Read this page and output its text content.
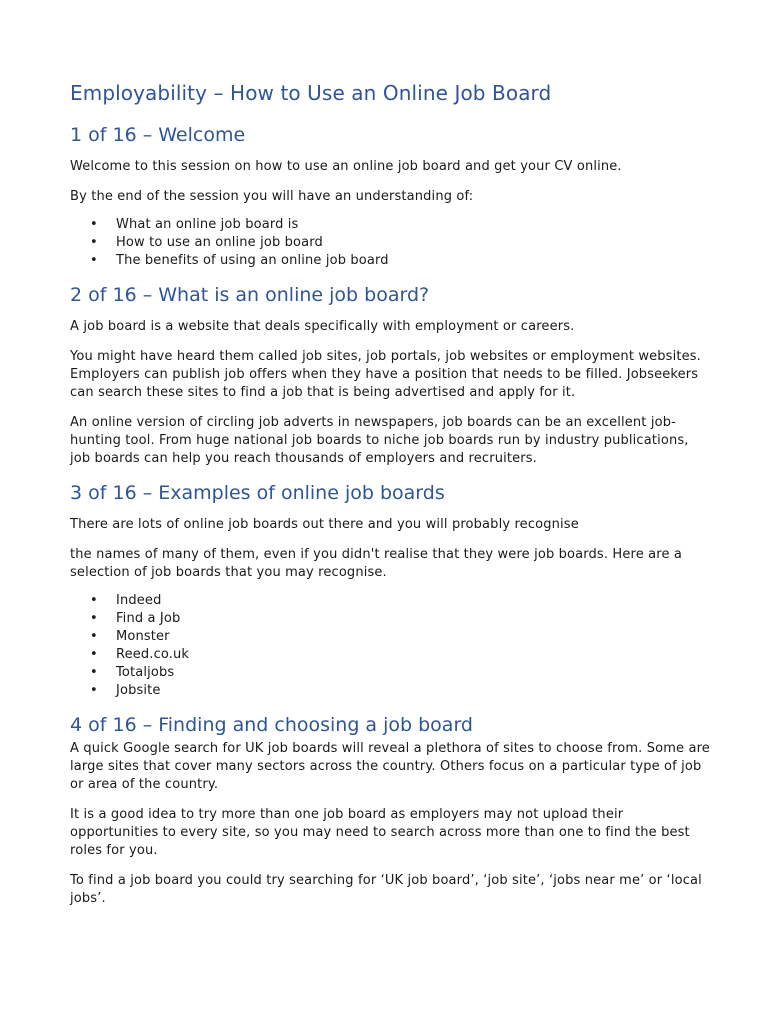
Employability – How to Use an Online Job Board
1 of 16 – Welcome

Welcome to this session on how to use an online job board and get your CV online.

By the end of the session you will have an understanding of:

• What an online job board is
• How to use an online job board
• The benefits of using an online job board
2 of 16 – What is an online job board?

A job board is a website that deals specifically with employment or careers.

You might have heard them called job sites, job portals, job websites or employment websites. Employers can publish job offers when they have a position that needs to be filled. Jobseekers can search these sites to find a job that is being advertised and apply for it.

An online version of circling job adverts in newspapers, job boards can be an excellent job-hunting tool. From huge national job boards to niche job boards run by industry publications, job boards can help you reach thousands of employers and recruiters.

3 of 16 – Examples of online job boards

There are lots of online job boards out there and you will probably recognise

the names of many of them, even if you didn't realise that they were job boards. Here are a selection of job boards that you may recognise.

• Indeed
• Find a Job
• Monster
• Reed.co.uk
• Totaljobs
• Jobsite
4 of 16 – Finding and choosing a job board

A quick Google search for UK job boards will reveal a plethora of sites to choose from. Some are large sites that cover many sectors across the country. Others focus on a particular type of job or area of the country.

It is a good idea to try more than one job board as employers may not upload their opportunities to every site, so you may need to search across more than one to find the best roles for you.

To find a job board you could try searching for ‘UK job board’, ‘job site’, ‘jobs near me’ or ‘local jobs’.
